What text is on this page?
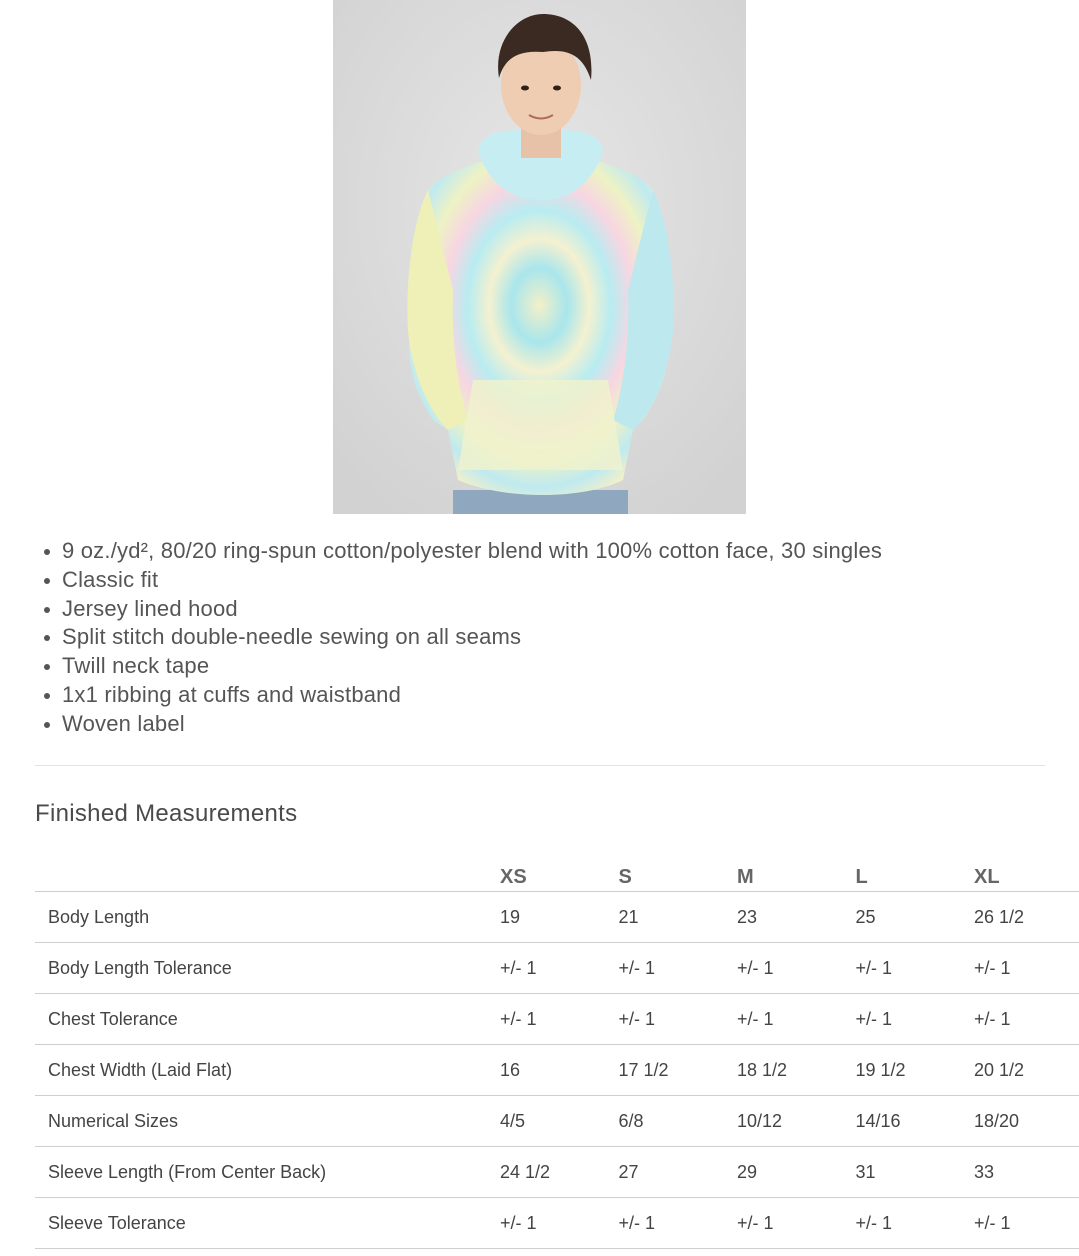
9 oz./yd², 80/20 ring-spun cotton/polyester blend with 100% cotton face, 30 singles
Classic fit
Jersey lined hood
Split stitch double-needle sewing on all seams
Twill neck tape
1x1 ribbing at cuffs and waistband
Woven label
Finished Measurements
	XS	S	M	L	XL
Body Length	19	21	23	25	26 1/2
Body Length Tolerance	+/- 1	+/- 1	+/- 1	+/- 1	+/- 1
Chest Tolerance	+/- 1	+/- 1	+/- 1	+/- 1	+/- 1
Chest Width (Laid Flat)	16	17 1/2	18 1/2	19 1/2	20 1/2
Numerical Sizes	4/5	6/8	10/12	14/16	18/20
Sleeve Length (From Center Back)	24 1/2	27	29	31	33
Sleeve Tolerance	+/- 1	+/- 1	+/- 1	+/- 1	+/- 1
